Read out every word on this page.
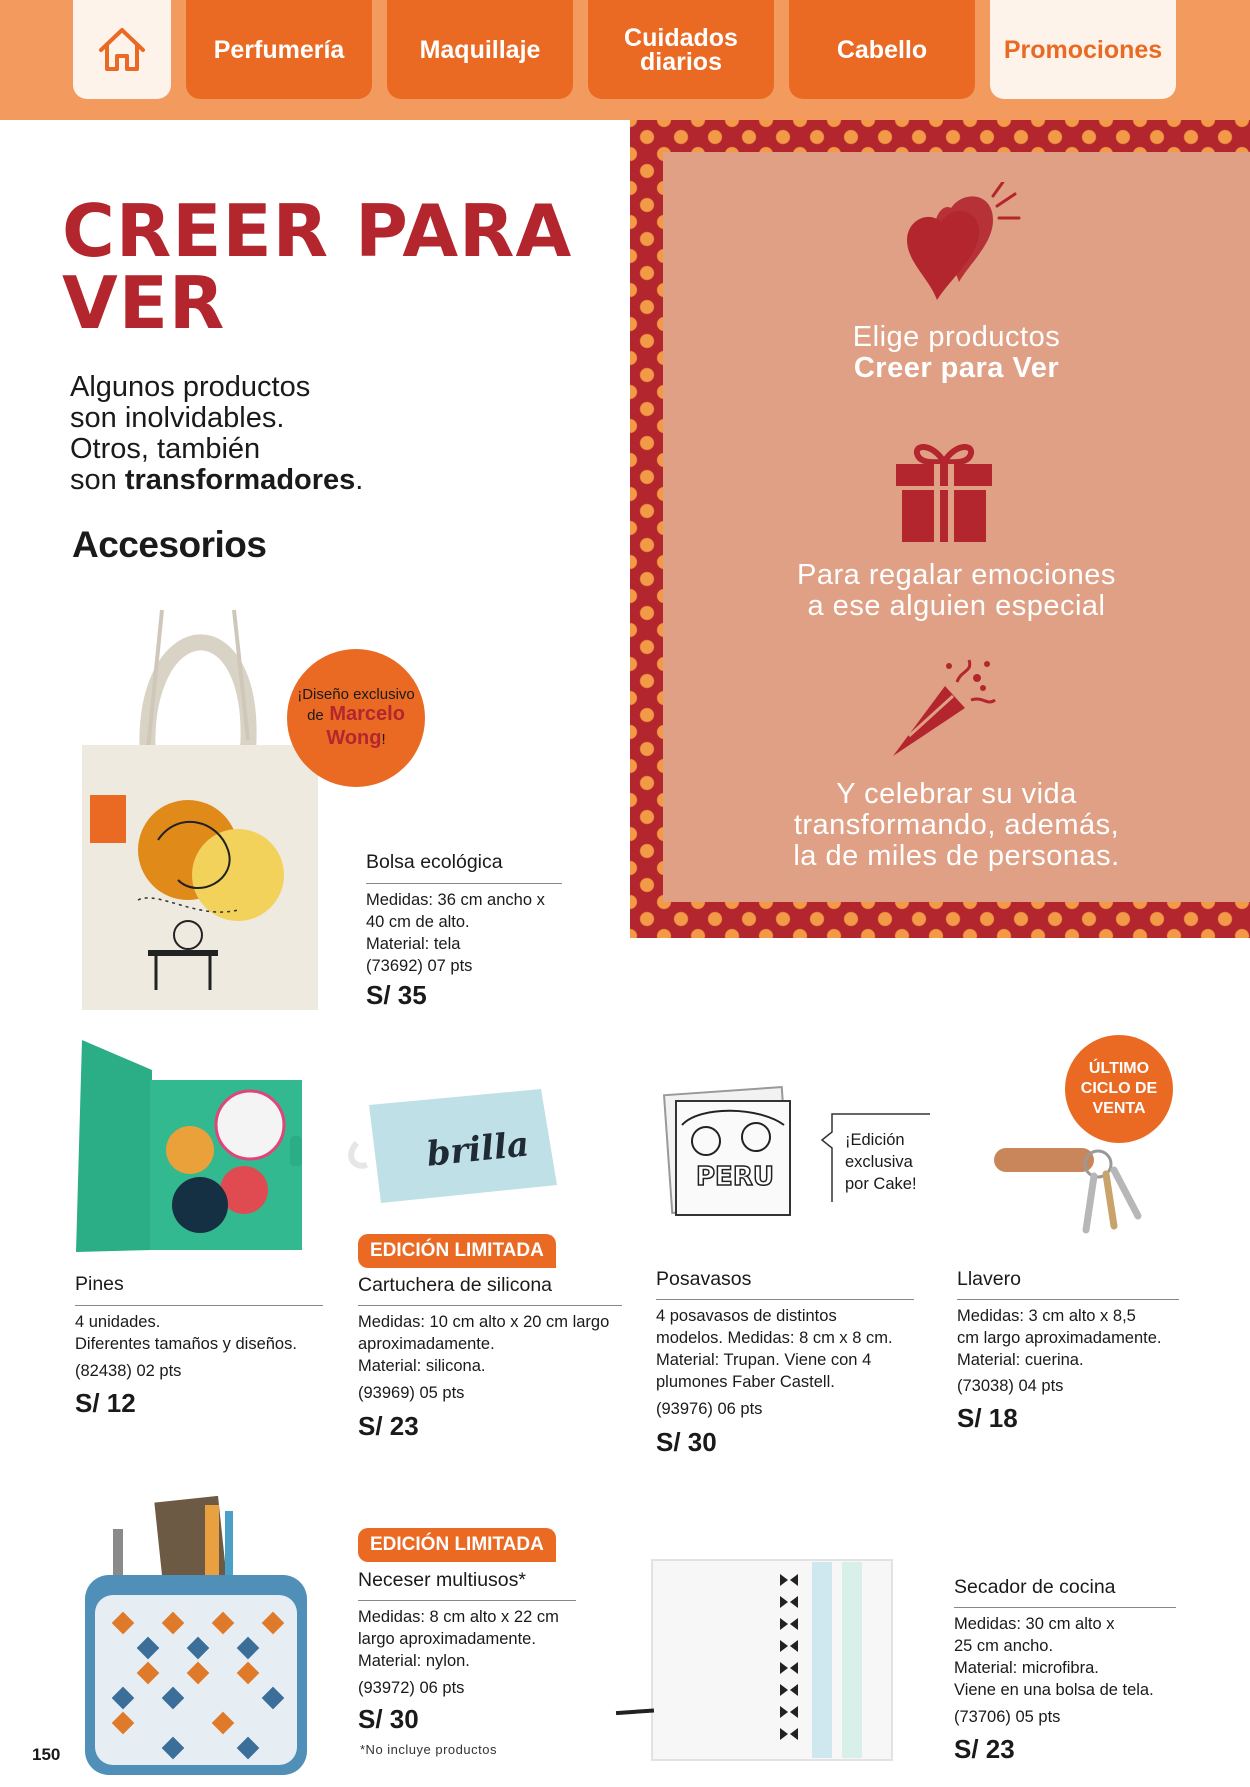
Perfumería	Maquillaje	Cuidados diarios	Cabello	Promociones
CREER PARA VER
Algunos productos
son inolvidables.
Otros, también
son transformadores.
Accesorios
Elige productos
Creer para Ver
Para regalar emociones
a ese alguien especial
Y celebrar su vida
transformando, además,
la de miles de personas.
¡Diseño exclusivo
de Marcelo
Wong!
Bolsa ecológica
Medidas: 36 cm ancho x
40 cm de alto.
Material: tela
(73692) 07 pts
S/ 35
Pines
4 unidades.
Diferentes tamaños y diseños.
(82438) 02 pts
S/ 12
brilla
EDICIÓN LIMITADA
Cartuchera de silicona
Medidas: 10 cm alto x 20 cm largo
aproximadamente.
Material: silicona.
(93969) 05 pts
S/ 23
PERU
¡Edición
exclusiva
por Cake!
Posavasos
4 posavasos de distintos
modelos. Medidas: 8 cm x 8 cm.
Material: Trupan. Viene con 4
plumones Faber Castell.
(93976) 06 pts
S/ 30
ÚLTIMO
CICLO DE
VENTA
Llavero
Medidas: 3 cm alto x 8,5
cm largo aproximadamente.
Material: cuerina.
(73038) 04 pts
S/ 18
EDICIÓN LIMITADA
Neceser multiusos*
Medidas: 8 cm alto x 22 cm
largo aproximadamente.
Material: nylon.
(93972) 06 pts
S/ 30
*No incluye productos
Secador de cocina
Medidas: 30 cm alto x
25 cm ancho.
Material: microfibra.
Viene en una bolsa de tela.
(73706) 05 pts
S/ 23
150
